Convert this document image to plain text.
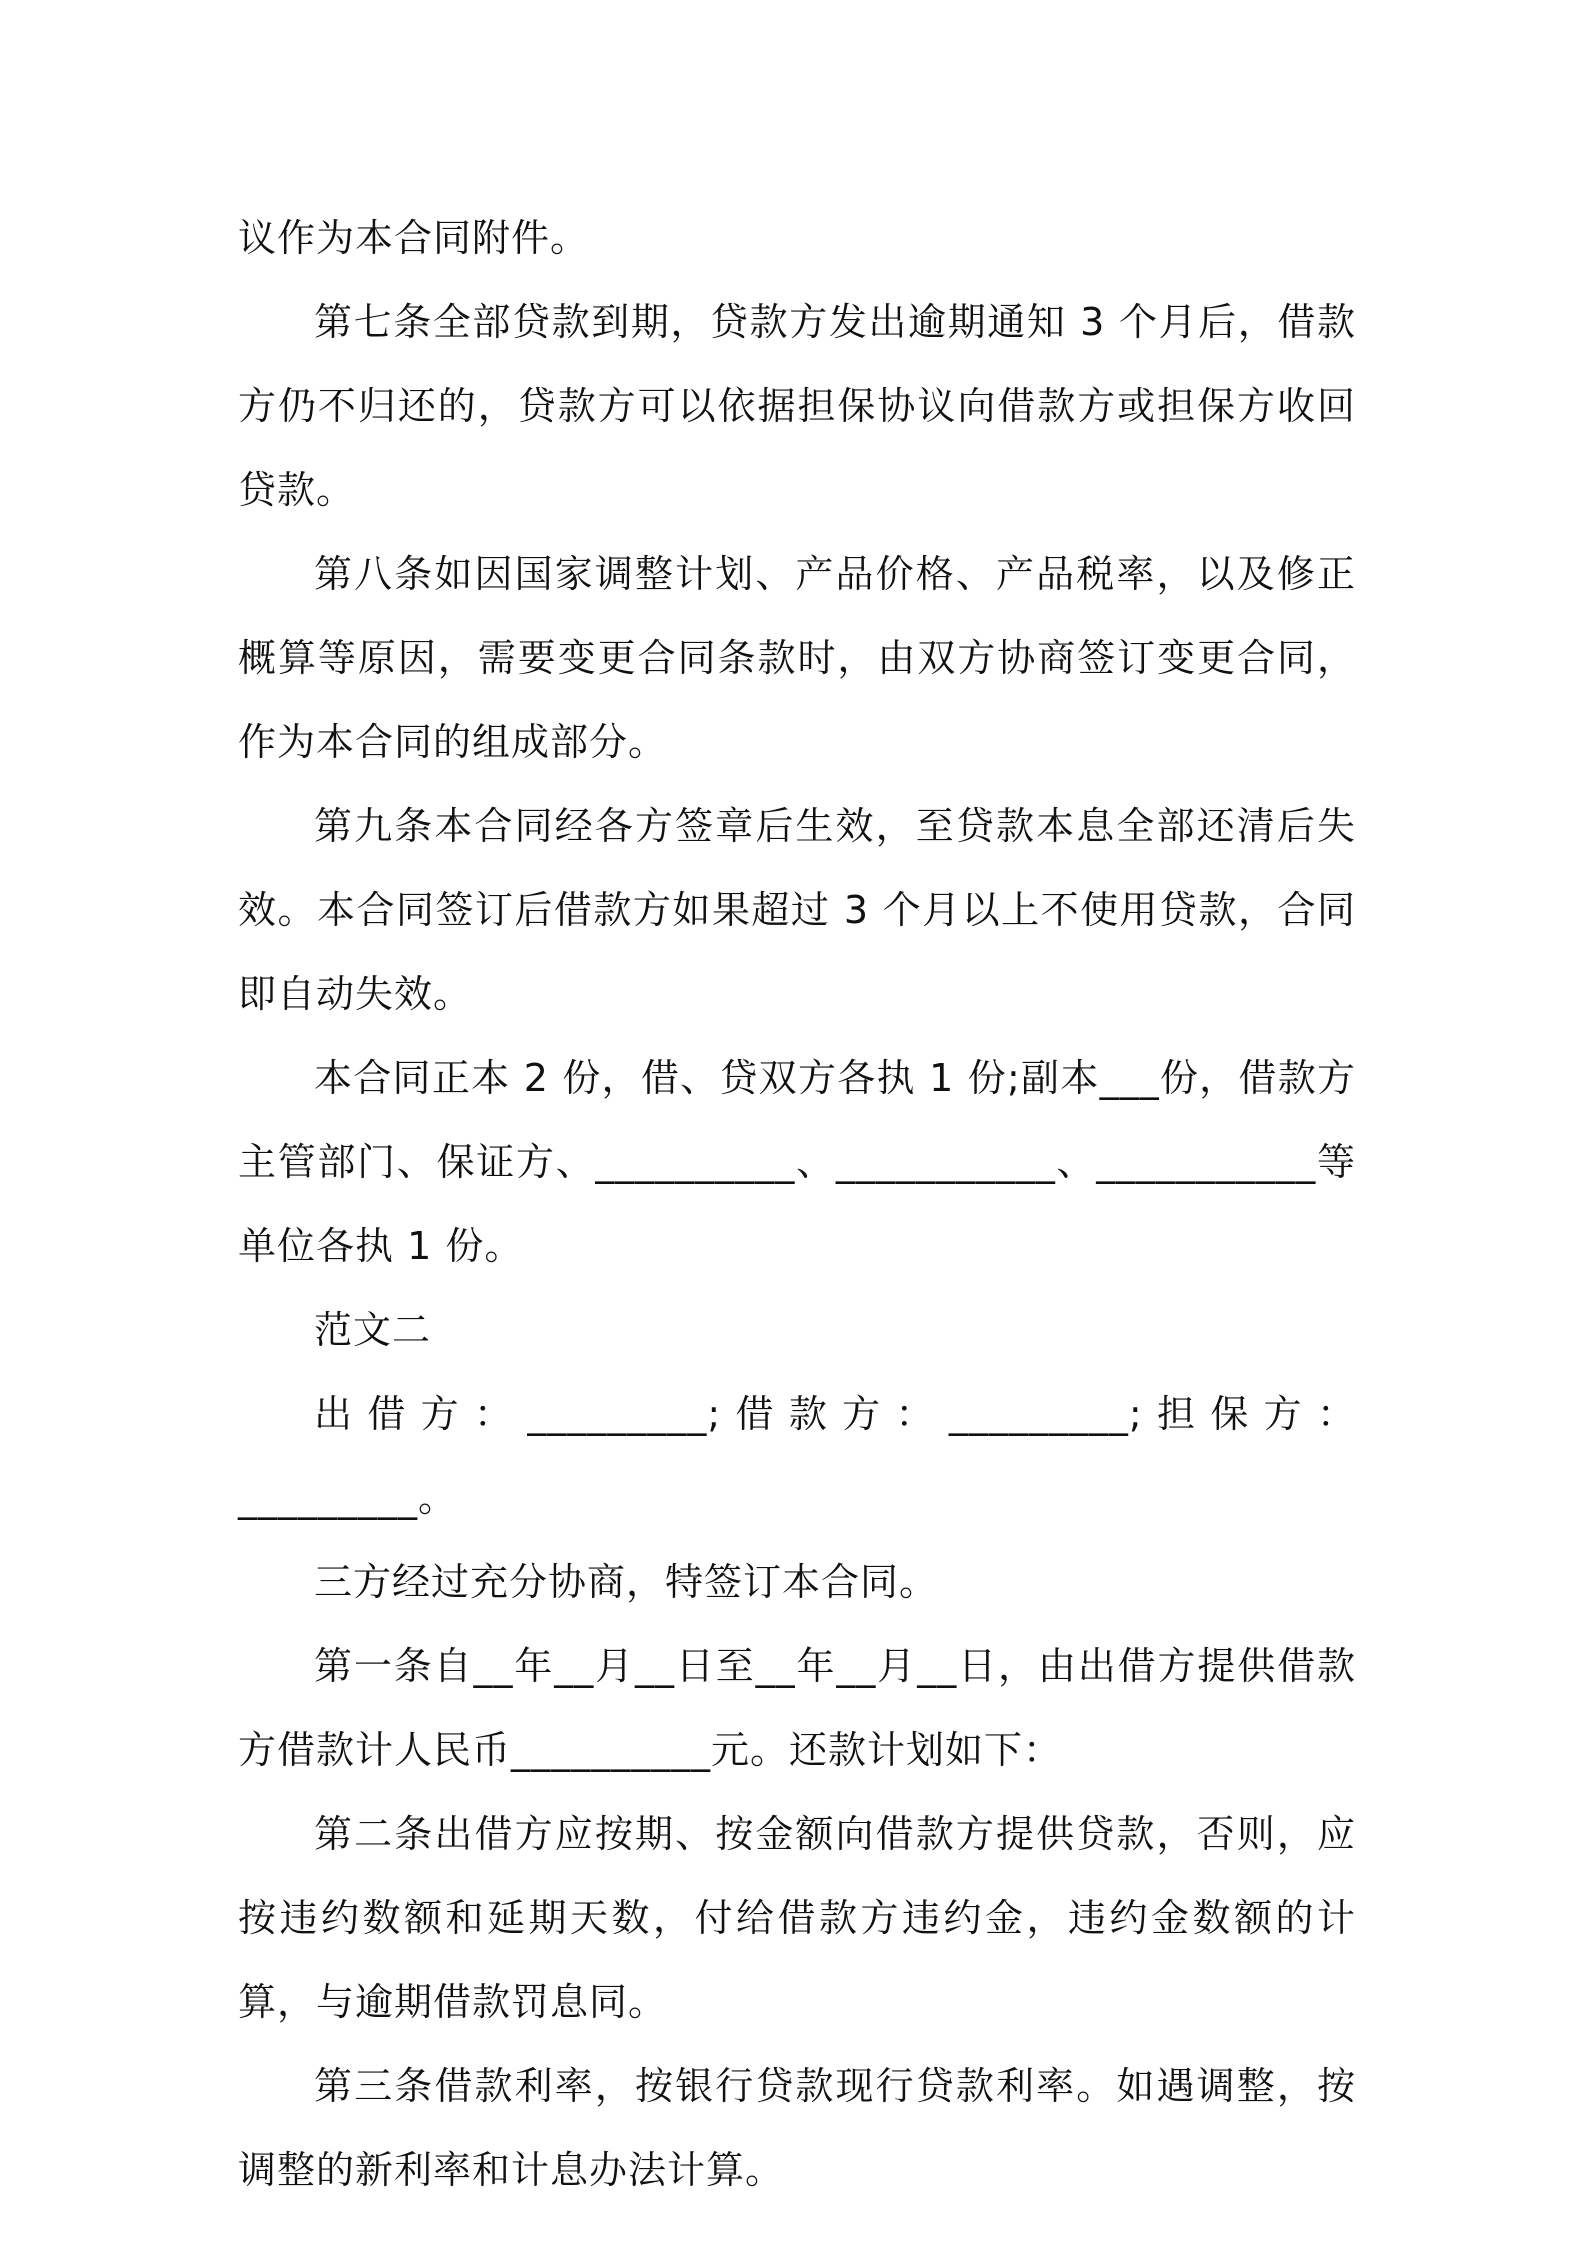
议作为本合同附件。

第七条全部贷款到期，贷款方发出逾期通知 3 个月后，借款方仍不归还的，贷款方可以依据担保协议向借款方或担保方收回贷款。

第八条如因国家调整计划、产品价格、产品税率，以及修正概算等原因，需要变更合同条款时，由双方协商签订变更合同，作为本合同的组成部分。

第九条本合同经各方签章后生效，至贷款本息全部还清后失效。本合同签订后借款方如果超过 3 个月以上不使用贷款，合同即自动失效。

本合同正本 2 份，借、贷双方各执 1 份;副本___份，借款方主管部门、保证方、__________、___________、___________等单位各执 1 份。

范文二

出借方：_________;借款方：_________;担保方：_________。

三方经过充分协商，特签订本合同。

第一条自__年__月__日至__年__月__日，由出借方提供借款方借款计人民币__________元。还款计划如下：

第二条出借方应按期、按金额向借款方提供贷款，否则，应按违约数额和延期天数，付给借款方违约金，违约金数额的计算，与逾期借款罚息同。

第三条借款利率，按银行贷款现行贷款利率。如遇调整，按调整的新利率和计息办法计算。
